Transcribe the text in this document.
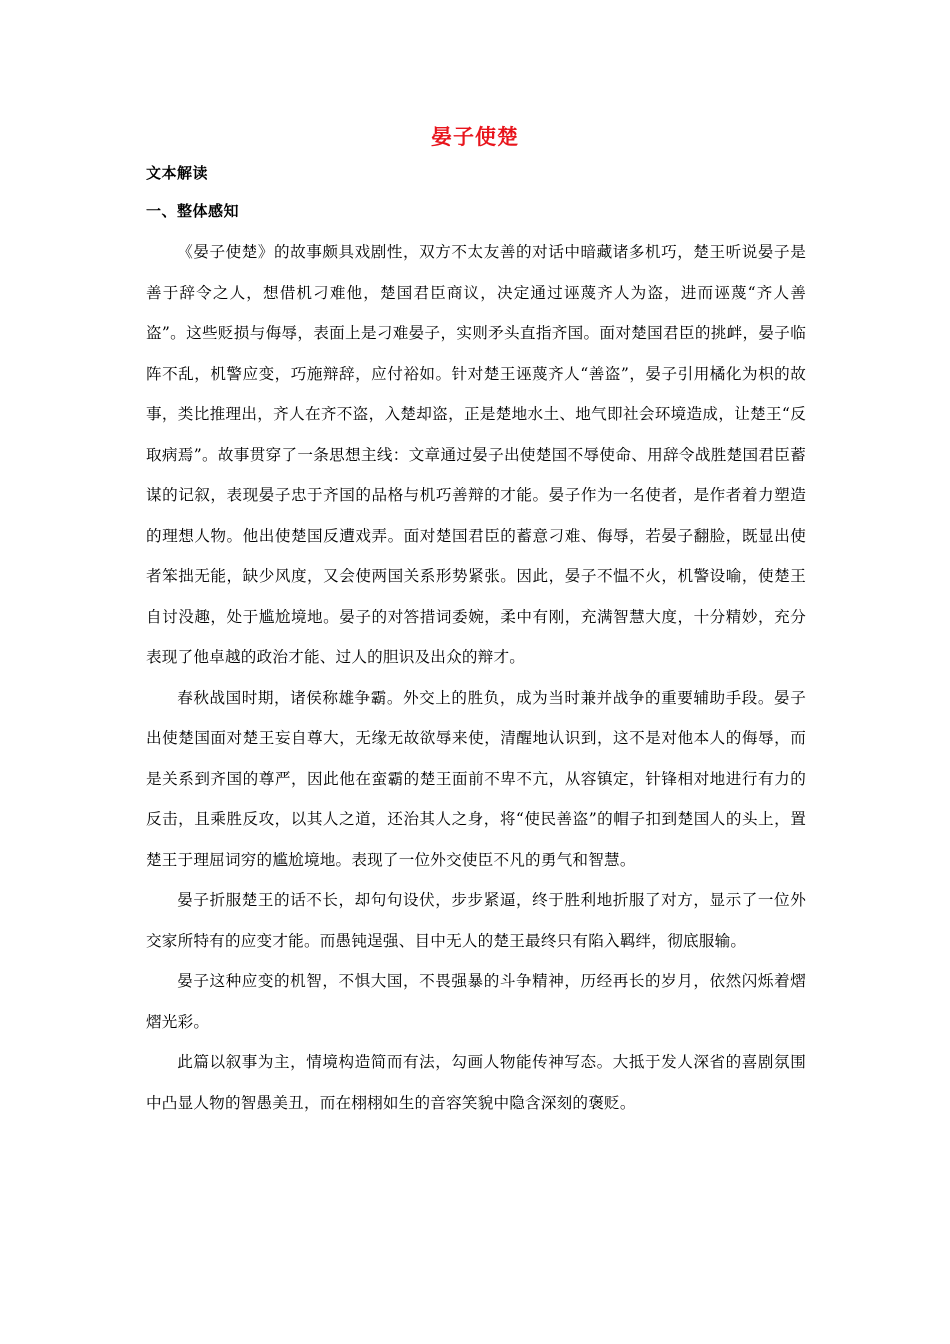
晏子使楚
文本解读
一、整体感知

《晏子使楚》的故事颇具戏剧性，双方不太友善的对话中暗藏诸多机巧，楚王听说晏子是善于辞令之人，想借机刁难他，楚国君臣商议，决定通过诬蔑齐人为盗，进而诬蔑“齐人善盗”。这些贬损与侮辱，表面上是刁难晏子，实则矛头直指齐国。面对楚国君臣的挑衅，晏子临阵不乱，机警应变，巧施辩辞，应付裕如。针对楚王诬蔑齐人“善盗”，晏子引用橘化为枳的故事，类比推理出，齐人在齐不盗，入楚却盗，正是楚地水土、地气即社会环境造成，让楚王“反取病焉”。故事贯穿了一条思想主线：文章通过晏子出使楚国不辱使命、用辞令战胜楚国君臣蓄谋的记叙，表现晏子忠于齐国的品格与机巧善辩的才能。晏子作为一名使者，是作者着力塑造的理想人物。他出使楚国反遭戏弄。面对楚国君臣的蓄意刁难、侮辱，若晏子翻脸，既显出使者笨拙无能，缺少风度，又会使两国关系形势紧张。因此，晏子不愠不火，机警设喻，使楚王自讨没趣，处于尴尬境地。晏子的对答措词委婉，柔中有刚，充满智慧大度，十分精妙，充分表现了他卓越的政治才能、过人的胆识及出众的辩才。

春秋战国时期，诸侯称雄争霸。外交上的胜负，成为当时兼并战争的重要辅助手段。晏子出使楚国面对楚王妄自尊大，无缘无故欲辱来使，清醒地认识到，这不是对他本人的侮辱，而是关系到齐国的尊严，因此他在蛮霸的楚王面前不卑不亢，从容镇定，针锋相对地进行有力的反击，且乘胜反攻，以其人之道，还治其人之身，将“使民善盗”的帽子扣到楚国人的头上，置楚王于理屈词穷的尴尬境地。表现了一位外交使臣不凡的勇气和智慧。

晏子折服楚王的话不长，却句句设伏，步步紧逼，终于胜利地折服了对方，显示了一位外交家所特有的应变才能。而愚钝逞强、目中无人的楚王最终只有陷入羁绊，彻底服输。

晏子这种应变的机智，不惧大国，不畏强暴的斗争精神，历经再长的岁月，依然闪烁着熠熠光彩。

此篇以叙事为主，情境构造简而有法，勾画人物能传神写态。大抵于发人深省的喜剧氛围中凸显人物的智愚美丑，而在栩栩如生的音容笑貌中隐含深刻的褒贬。
